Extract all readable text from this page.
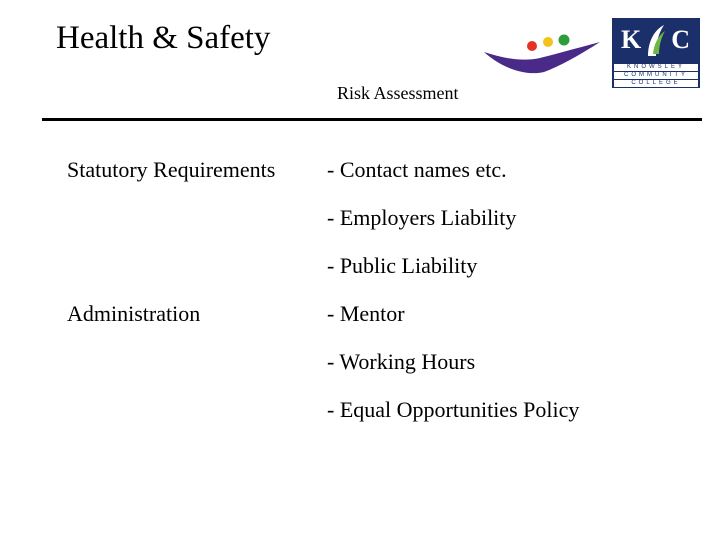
Health & Safety	K C
KNOWSLEY
COMMUNITY
COLLEGE
Risk Assessment
Statutory Requirements - Contact names etc.
- Employers Liability
- Public Liability
Administration	- Mentor
- Working Hours
- Equal Opportunities Policy
